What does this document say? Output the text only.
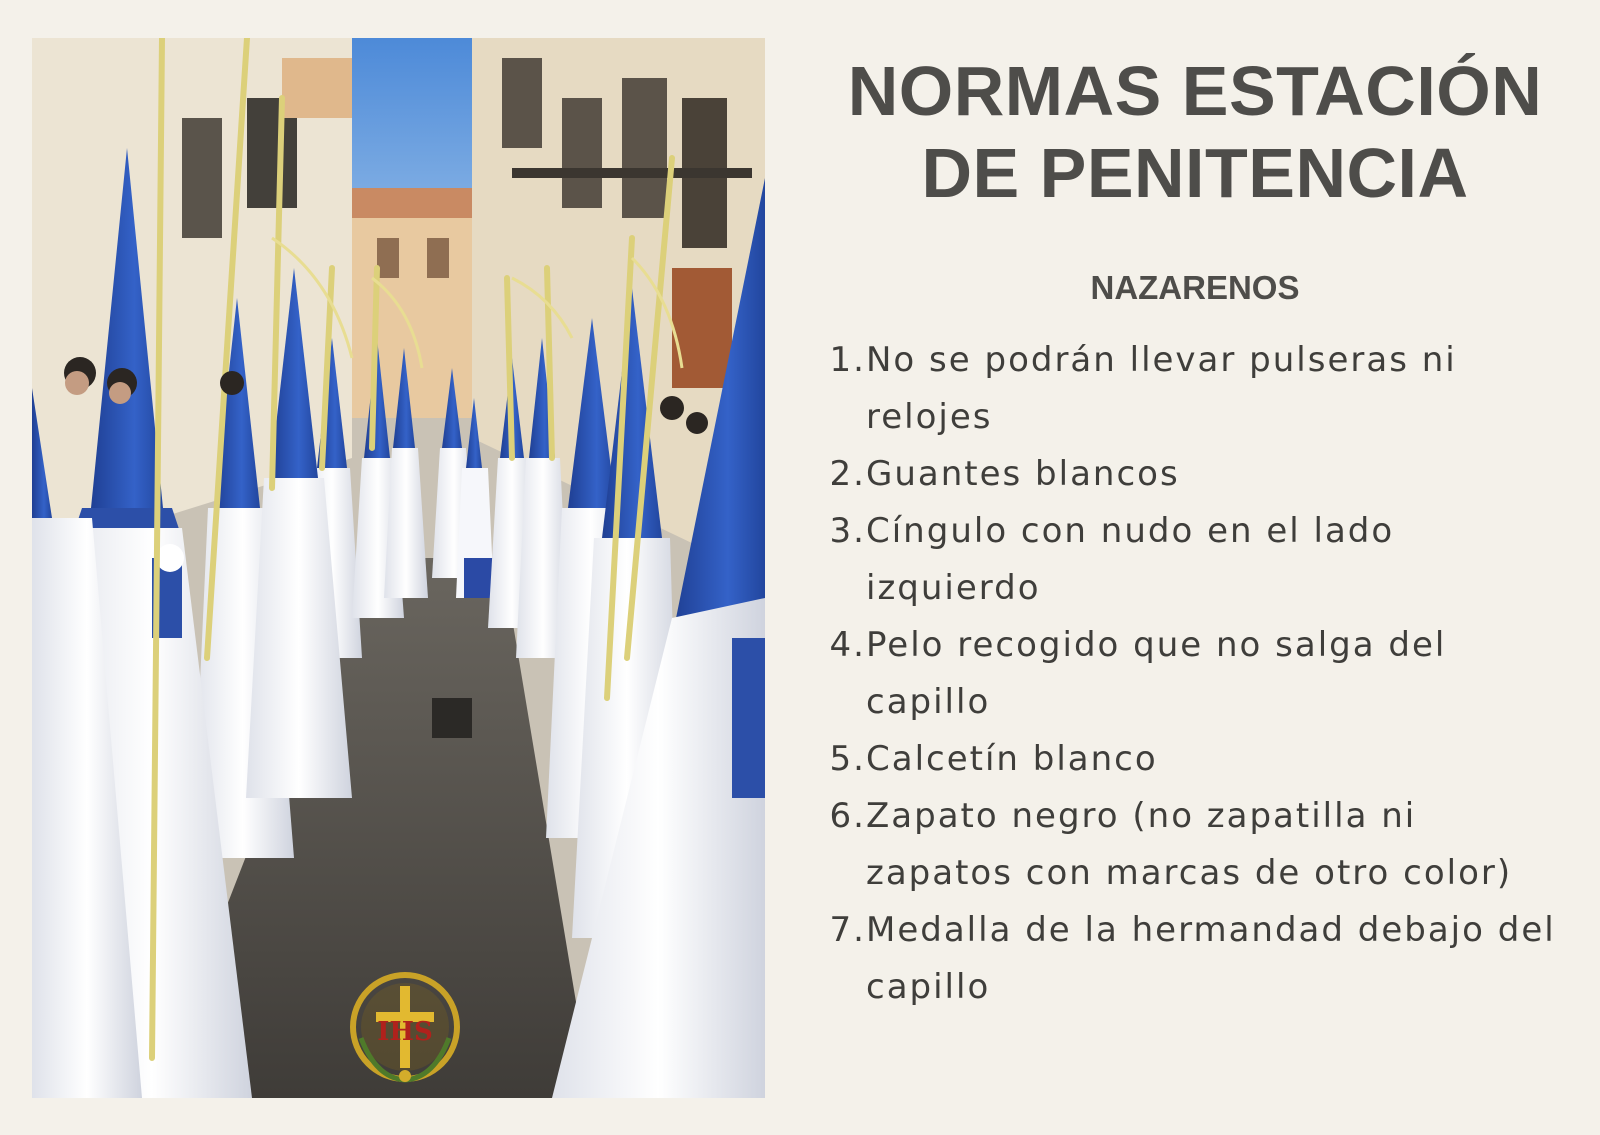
IHS
NORMAS ESTACIÓN
DE PENITENCIA
NAZARENOS
1. No se podrán llevar pulseras ni relojes
2. Guantes blancos
3. Cíngulo con nudo en el lado izquierdo
4. Pelo recogido que no salga del capillo
5. Calcetín blanco
6. Zapato negro (no zapatilla ni zapatos con marcas de otro color)
7. Medalla de la hermandad debajo del capillo
